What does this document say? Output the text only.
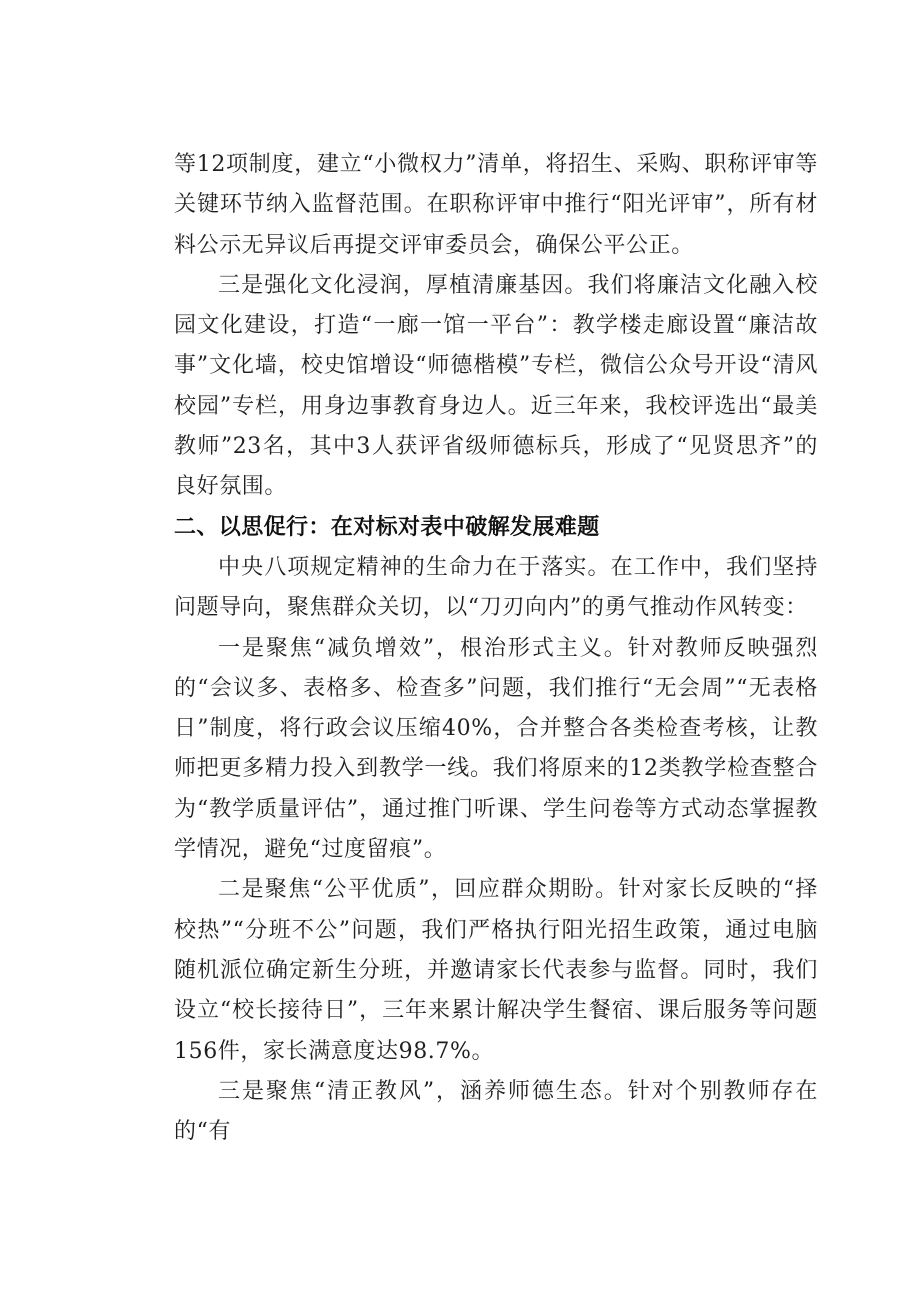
等12项制度，建立“小微权力”清单，将招生、采购、职称评审等关键环节纳入监督范围。在职称评审中推行“阳光评审”，所有材料公示无异议后再提交评审委员会，确保公平公正。

三是强化文化浸润，厚植清廉基因。我们将廉洁文化融入校园文化建设，打造“一廊一馆一平台”：教学楼走廊设置“廉洁故事”文化墙，校史馆增设“师德楷模”专栏，微信公众号开设“清风校园”专栏，用身边事教育身边人。近三年来，我校评选出“最美教师”23名，其中3人获评省级师德标兵，形成了“见贤思齐”的良好氛围。

二、以思促行：在对标对表中破解发展难题

中央八项规定精神的生命力在于落实。在工作中，我们坚持问题导向，聚焦群众关切，以“刀刃向内”的勇气推动作风转变：

一是聚焦“减负增效”，根治形式主义。针对教师反映强烈的“会议多、表格多、检查多”问题，我们推行“无会周”“无表格日”制度，将行政会议压缩40%，合并整合各类检查考核，让教师把更多精力投入到教学一线。我们将原来的12类教学检查整合为“教学质量评估”，通过推门听课、学生问卷等方式动态掌握教学情况，避免“过度留痕”。

二是聚焦“公平优质”，回应群众期盼。针对家长反映的“择校热”“分班不公”问题，我们严格执行阳光招生政策，通过电脑随机派位确定新生分班，并邀请家长代表参与监督。同时，我们设立“校长接待日”，三年来累计解决学生餐宿、课后服务等问题156件，家长满意度达98.7%。

三是聚焦“清正教风”，涵养师德生态。针对个别教师存在的“有
